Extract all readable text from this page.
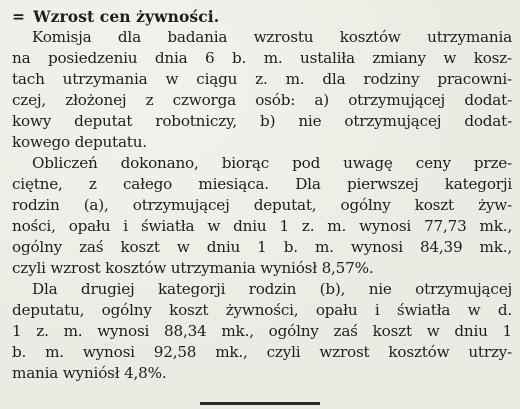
= Wzrost cen żywności.
Komisja dla badania wzrostu kosztów utrzymania
na posiedzeniu dnia 6 b. m. ustaliła zmiany w kosz-
tach utrzymania w ciągu z. m. dla rodziny pracowni-
czej, złożonej z czworga osób: a) otrzymującej dodat-
kowy deputat robotniczy, b) nie otrzymującej dodat-
kowego deputatu.
Obliczeń dokonano, biorąc pod uwagę ceny prze-
ciętne, z całego miesiąca. Dla pierwszej kategorji
rodzin (a), otrzymującej deputat, ogólny koszt żyw-
ności, opału i światła w dniu 1 z. m. wynosi 77,73 mk.,
ogólny zaś koszt w dniu 1 b. m. wynosi 84,39 mk.,
czyli wzrost kosztów utrzymania wyniósł 8,57%.
Dla drugiej kategorji rodzin (b), nie otrzymującej
deputatu, ogólny koszt żywności, opału i światła w d.
1 z. m. wynosi 88,34 mk., ogólny zaś koszt w dniu 1
b. m. wynosi 92,58 mk., czyli wzrost kosztów utrzy-
mania wyniósł 4,8%.
